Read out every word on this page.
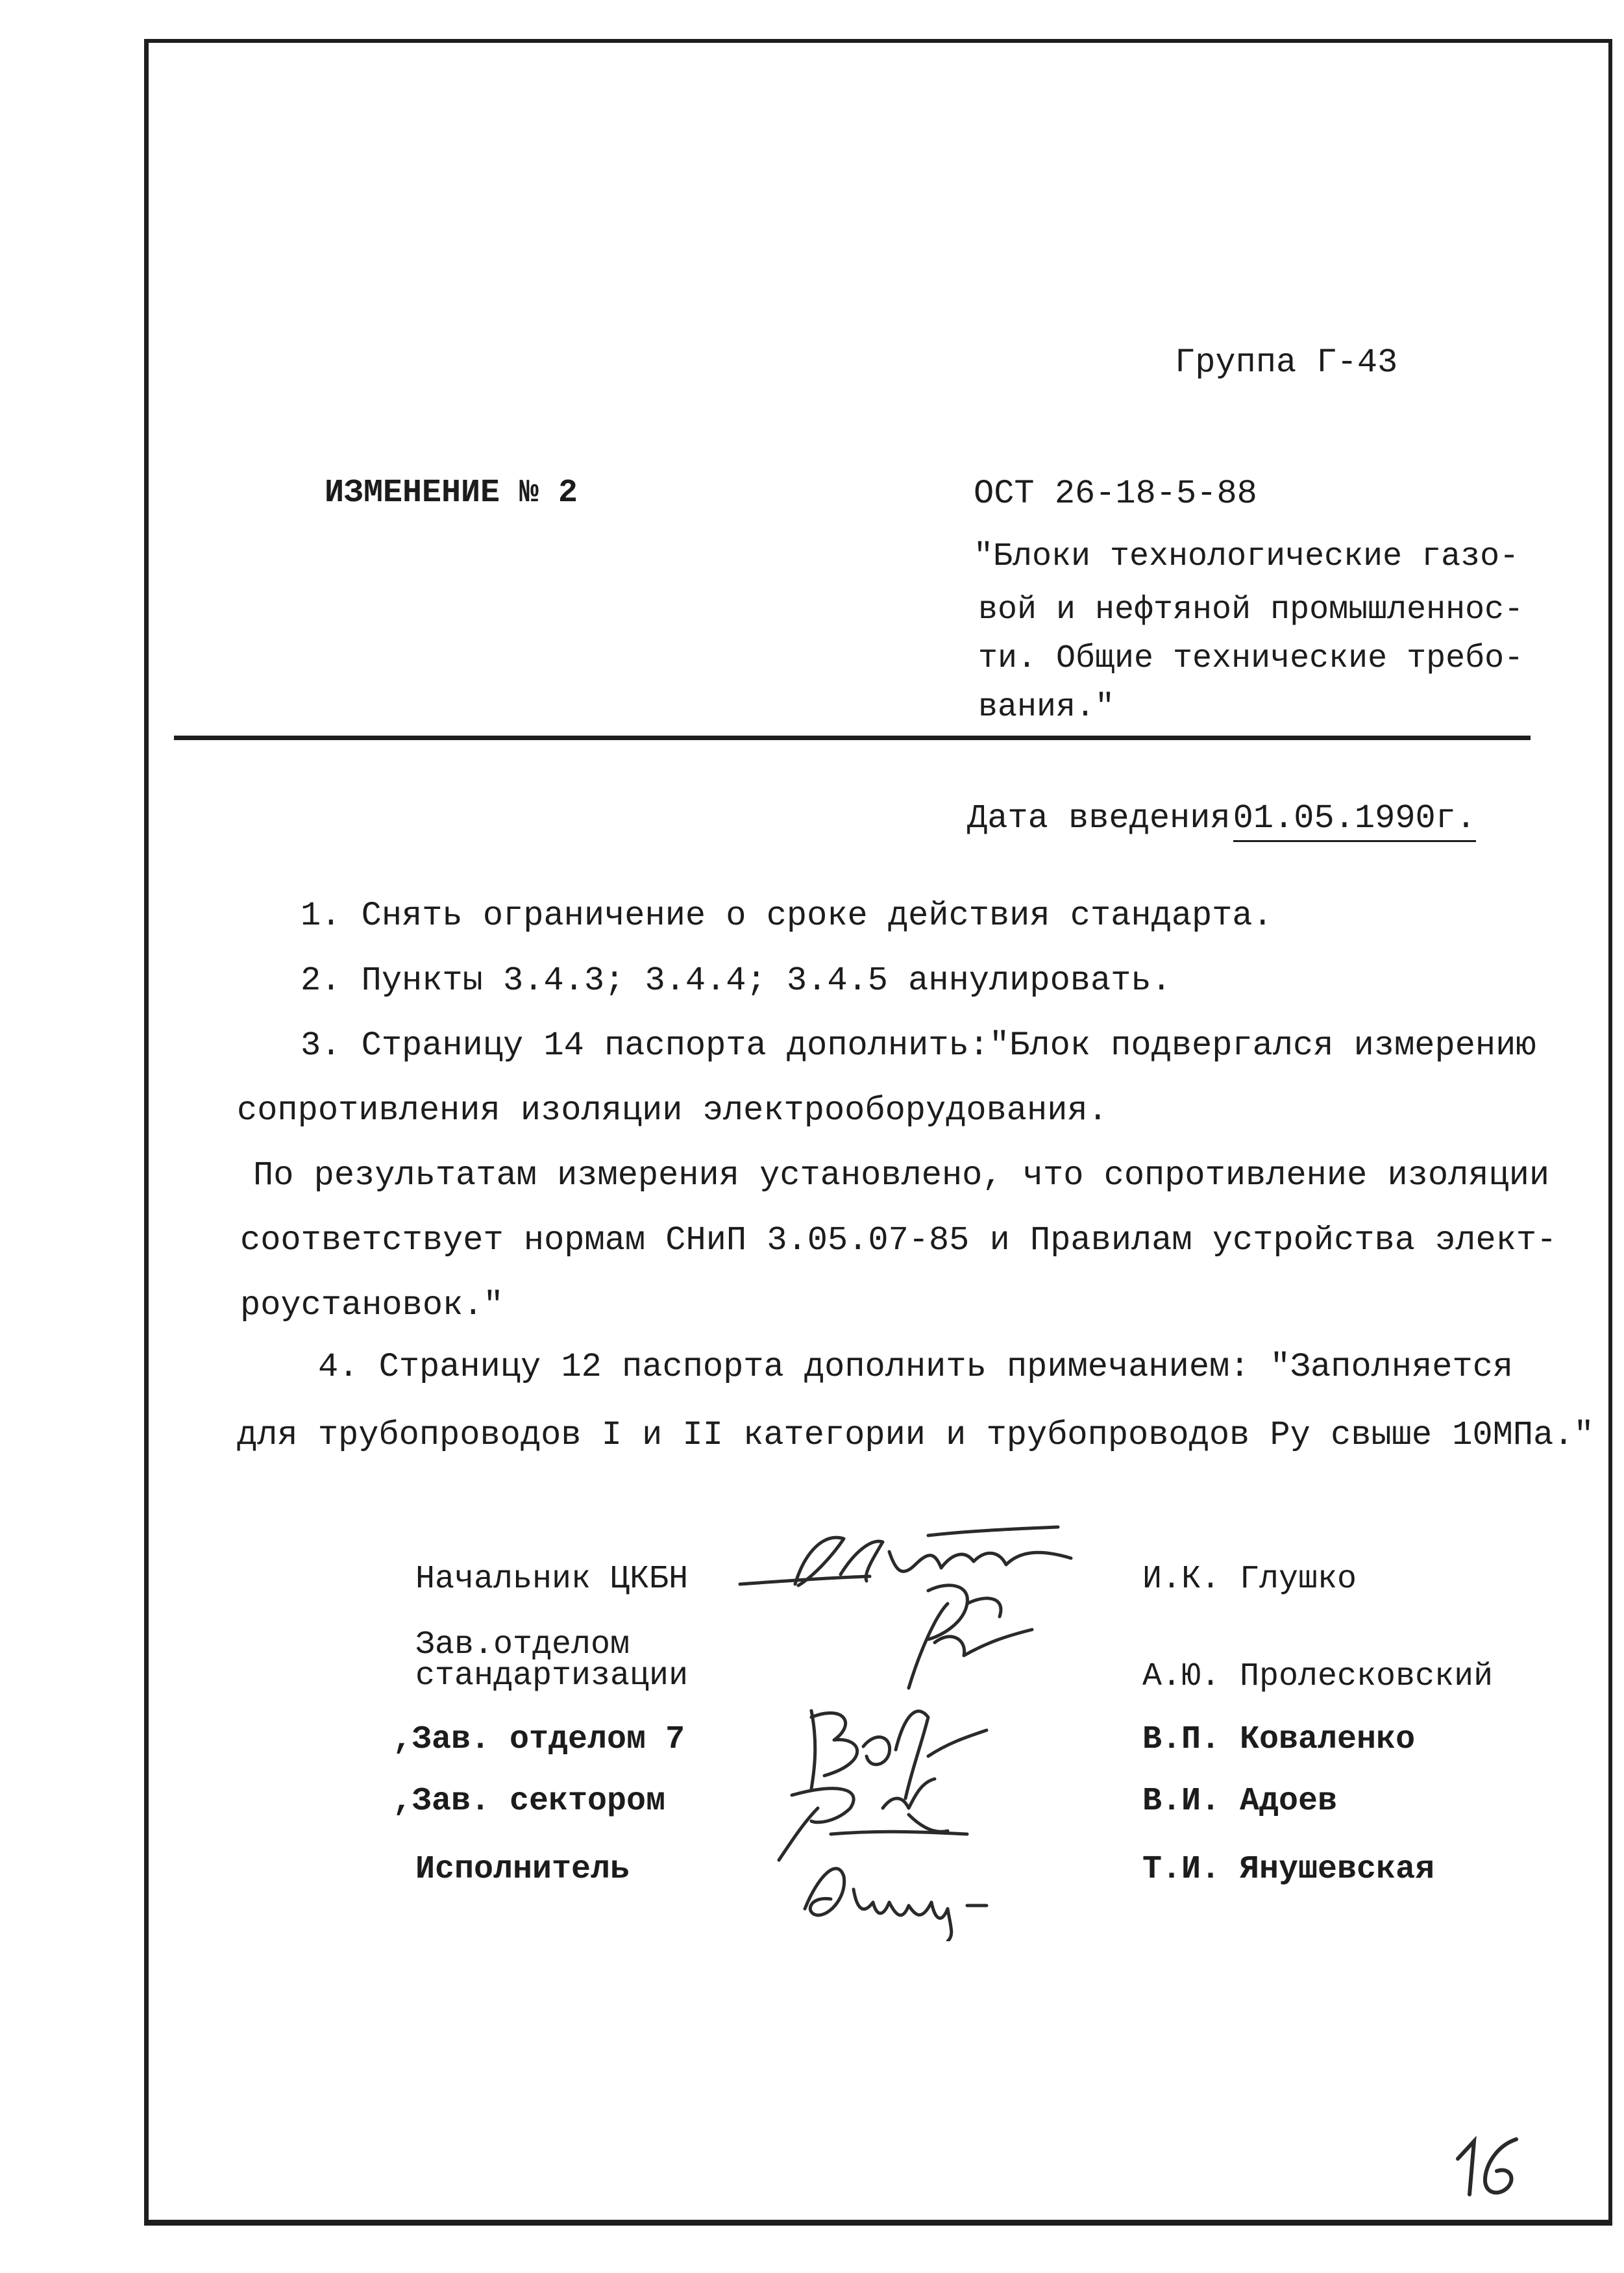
Группа Г-43
ИЗМЕНЕНИЕ № 2	ОСТ 26-18-5-88
"Блоки технологические газо-
вой и нефтяной промышленнос-
ти. Общие технические требо-
вания."
Дата введения01.05.1990г.
1. Снять ограничение о сроке действия стандарта.
2. Пункты 3.4.3; 3.4.4; 3.4.5 аннулировать.
3. Страницу 14 паспорта дополнить:"Блок подвергался измерению
сопротивления изоляции электрооборудования.
По результатам измерения установлено, что сопротивление изоляции
соответствует нормам СНиП 3.05.07-85 и Правилам устройства элект-
роустановок."
4. Страницу 12 паспорта дополнить примечанием: "Заполняется
для трубопроводов I и II категории и трубопроводов Ру свыше 10МПа."
Начальник ЦКБН	И.К. Глушко
Зав.отделом
стандартизации	А.Ю. Пролесковский
,Зав. отделом 7	В.П. Коваленко
,Зав. сектором	В.И. Адоев
Исполнитель	Т.И. Янушевская
